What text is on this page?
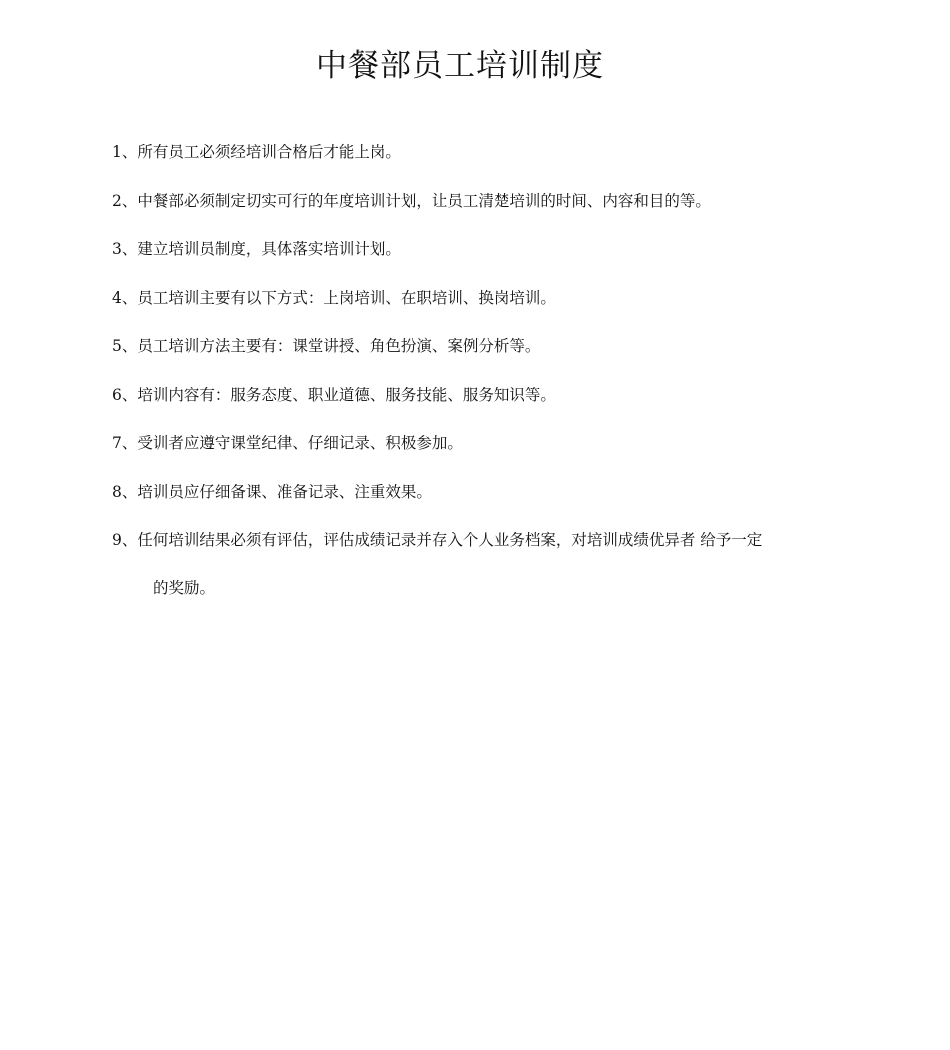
中餐部员工培训制度
1、所有员工必须经培训合格后才能上岗。
2、中餐部必须制定切实可行的年度培训计划，让员工清楚培训的时间、内容和目的等。
3、建立培训员制度，具体落实培训计划。
4、员工培训主要有以下方式：上岗培训、在职培训、换岗培训。
5、员工培训方法主要有：课堂讲授、角色扮演、案例分析等。
6、培训内容有：服务态度、职业道德、服务技能、服务知识等。
7、受训者应遵守课堂纪律、仔细记录、积极参加。
8、培训员应仔细备课、准备记录、注重效果。
9、任何培训结果必须有评估，评估成绩记录并存入个人业务档案，对培训成绩优异者 给予一定
的奖励。
